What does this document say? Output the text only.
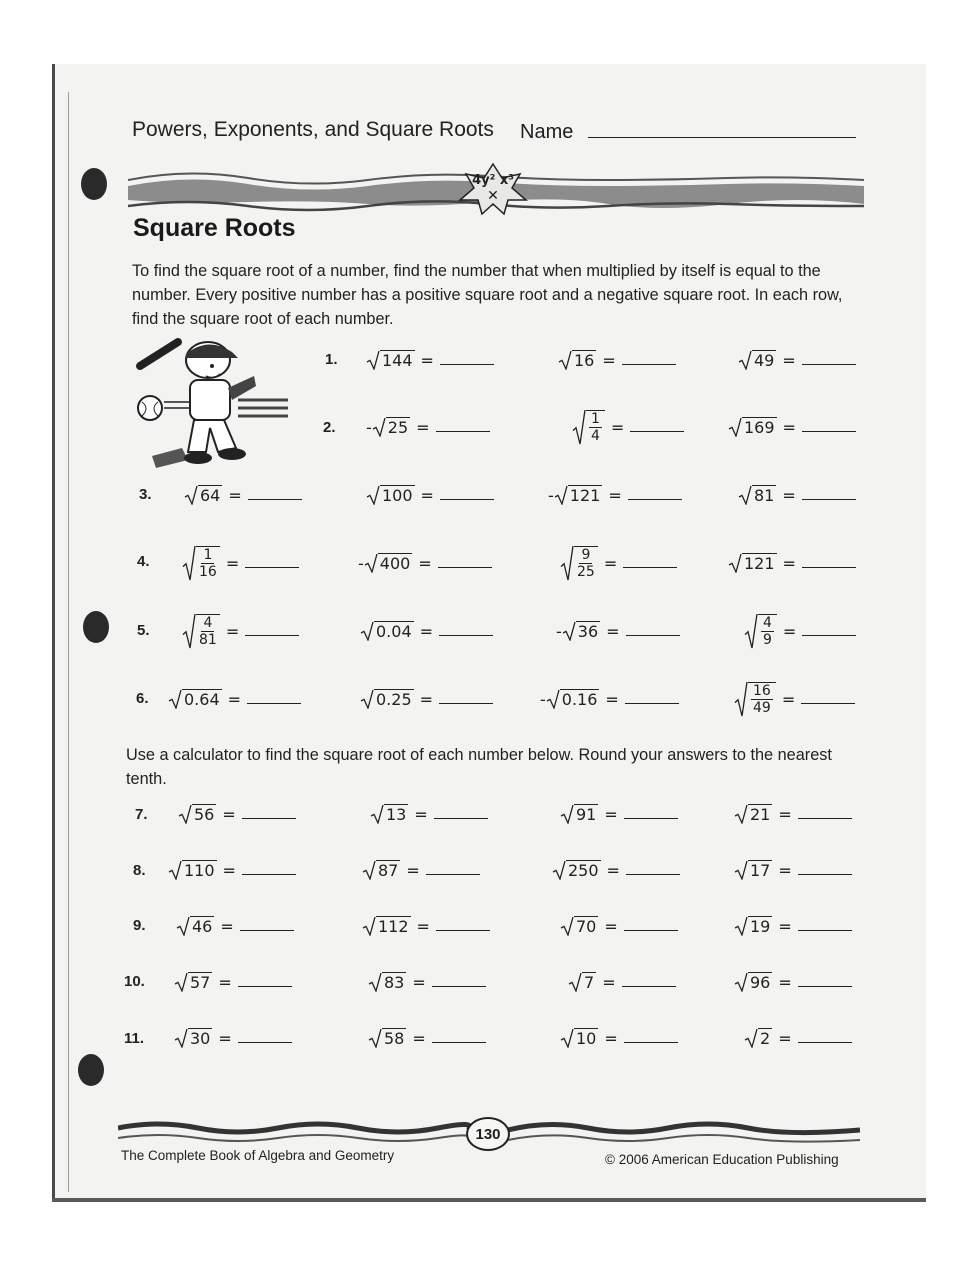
Powers, Exponents, and Square Roots Name
4y² x³
✕
Square Roots
To find the square root of a number, find the number that when multiplied by itself is equal to the number. Every positive number has a positive square root and a negative square root. In each row, find the square root of each number.
1.
2.
3.
4.
5.
6.
7.
8.
9.
10.
11.
144 =	16 =	49 =
- 25 =	$\frac{1}{4}$ =	169 =
64 =	100 =	- 121 =	81 =
$\frac{1}{16}$ =	- 400 =	$\frac{9}{25}$ =	121 =
$\frac{4}{81}$ =	0.04 =	- 36 =	$\frac{4}{9}$ =
0.64 =	0.25 =	- 0.16 =	$\frac{16}{49}$ =
56 =	13 =	91 =	21 =
110 =	87 =	250 =	17 =
46 =	112 =	70 =	19 =
57 =	83 =	7 =	96 =
30 =	58 =	10 =	2 =
Use a calculator to find the square root of each number below. Round your answers to the nearest tenth.
130
The Complete Book of Algebra and Geometry	© 2006 American Education Publishing
